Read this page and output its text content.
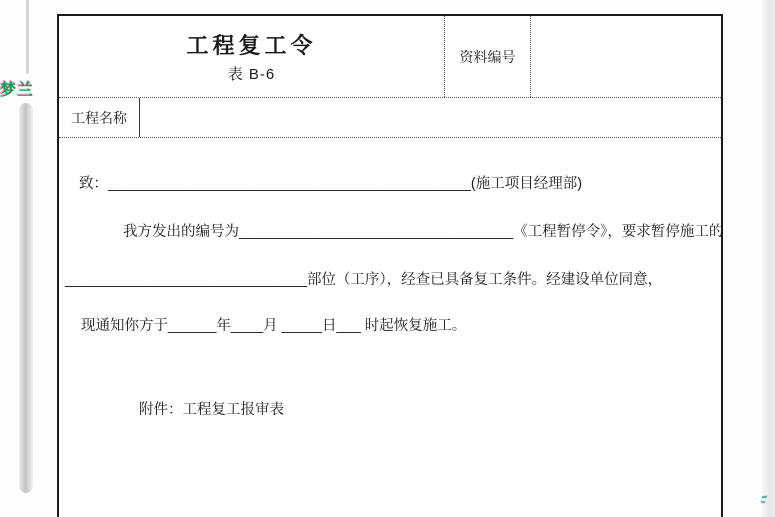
梦兰
工程复工令
表 B-6
资料编号
工程名称

致：_____________________________________________(施工项目经理部)

我方发出的编号为__________________________________《工程暂停令》，要求暂停施工的

______________________________部位（工序），经查已具备复工条件。经建设单位同意，

现通知你方于______年____月 _____日___ 时起恢复施工。

附件：工程复工报审表
